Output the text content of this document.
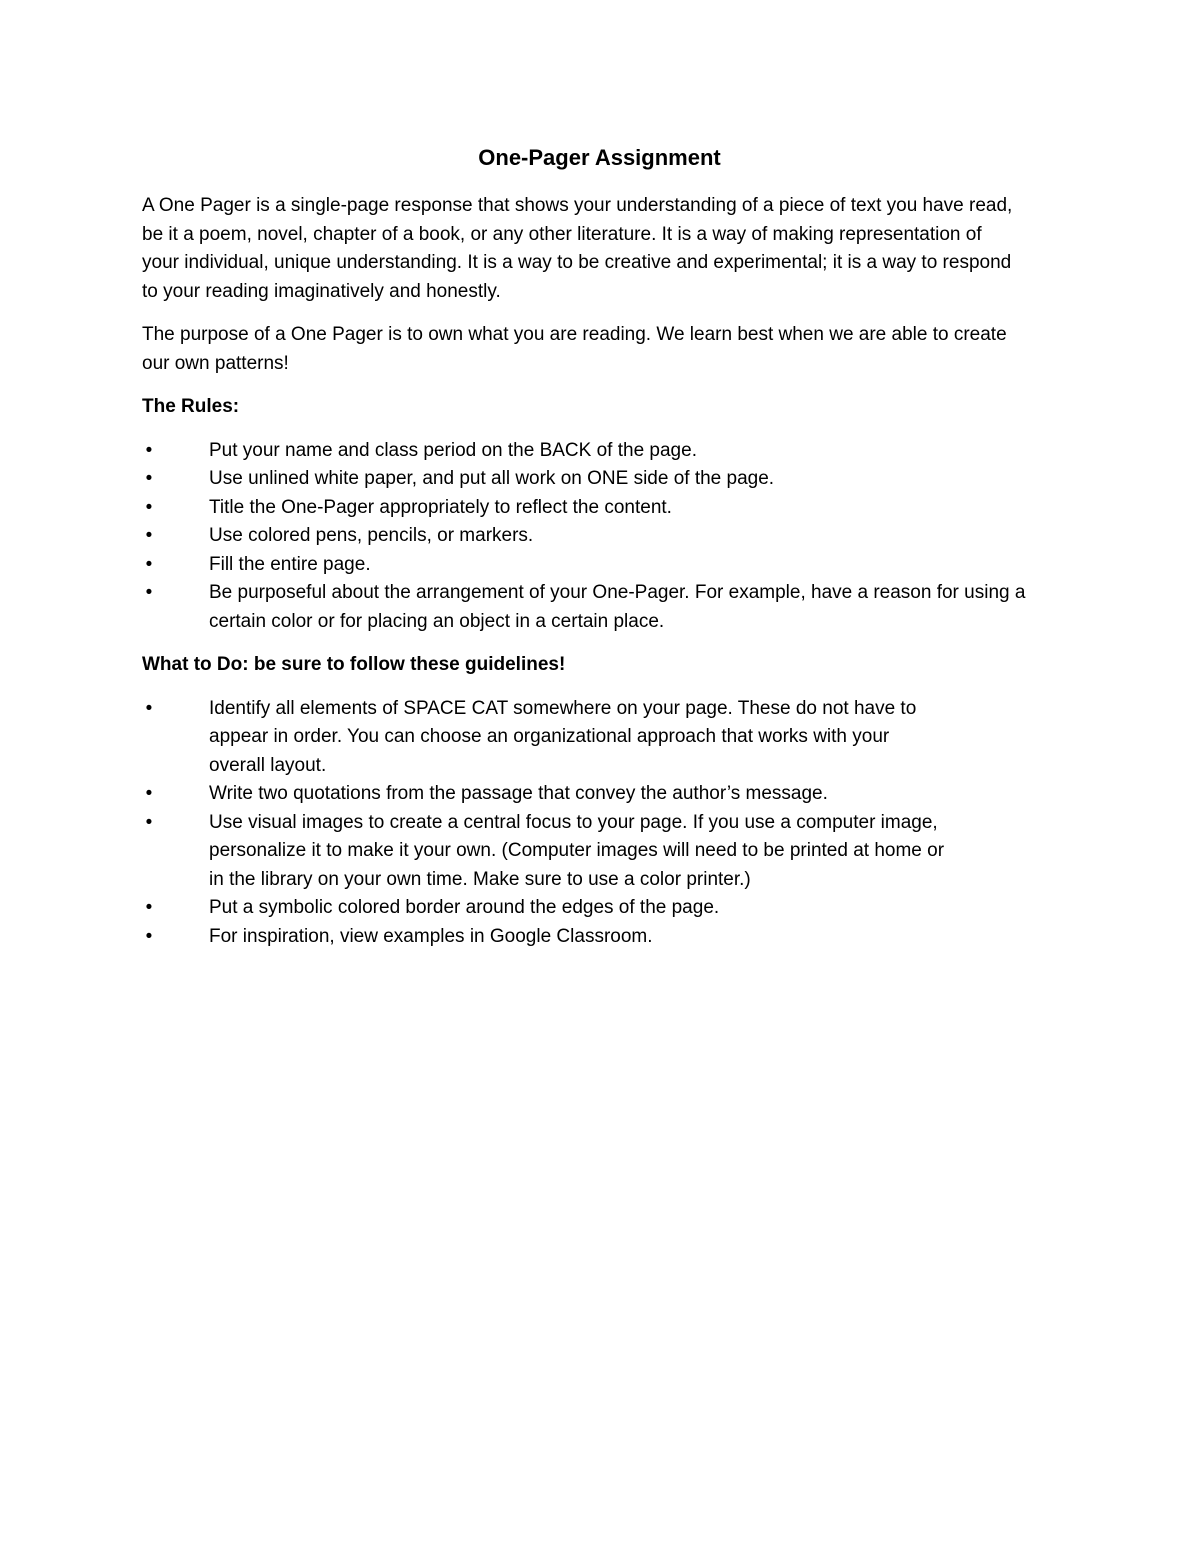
One-Pager Assignment
A One Pager is a single-page response that shows your understanding of a piece of text you have read,
be it a poem, novel, chapter of a book, or any other literature. It is a way of making representation of
your individual, unique understanding. It is a way to be creative and experimental; it is a way to respond
to your reading imaginatively and honestly.
The purpose of a One Pager is to own what you are reading. We learn best when we are able to create
our own patterns!
The Rules:
•	Put your name and class period on the BACK of the page.
•	Use unlined white paper, and put all work on ONE side of the page.
•	Title the One-Pager appropriately to reflect the content.
•	Use colored pens, pencils, or markers.
•	Fill the entire page.
•	Be purposeful about the arrangement of your One-Pager. For example, have a reason for using a
certain color or for placing an object in a certain place.
What to Do: be sure to follow these guidelines!
•	Identify all elements of SPACE CAT somewhere on your page. These do not have to
appear in order. You can choose an organizational approach that works with your
overall layout.
•	Write two quotations from the passage that convey the author’s message.
•	Use visual images to create a central focus to your page. If you use a computer image,
personalize it to make it your own. (Computer images will need to be printed at home or
in the library on your own time. Make sure to use a color printer.)
•	Put a symbolic colored border around the edges of the page.
•	For inspiration, view examples in Google Classroom.
